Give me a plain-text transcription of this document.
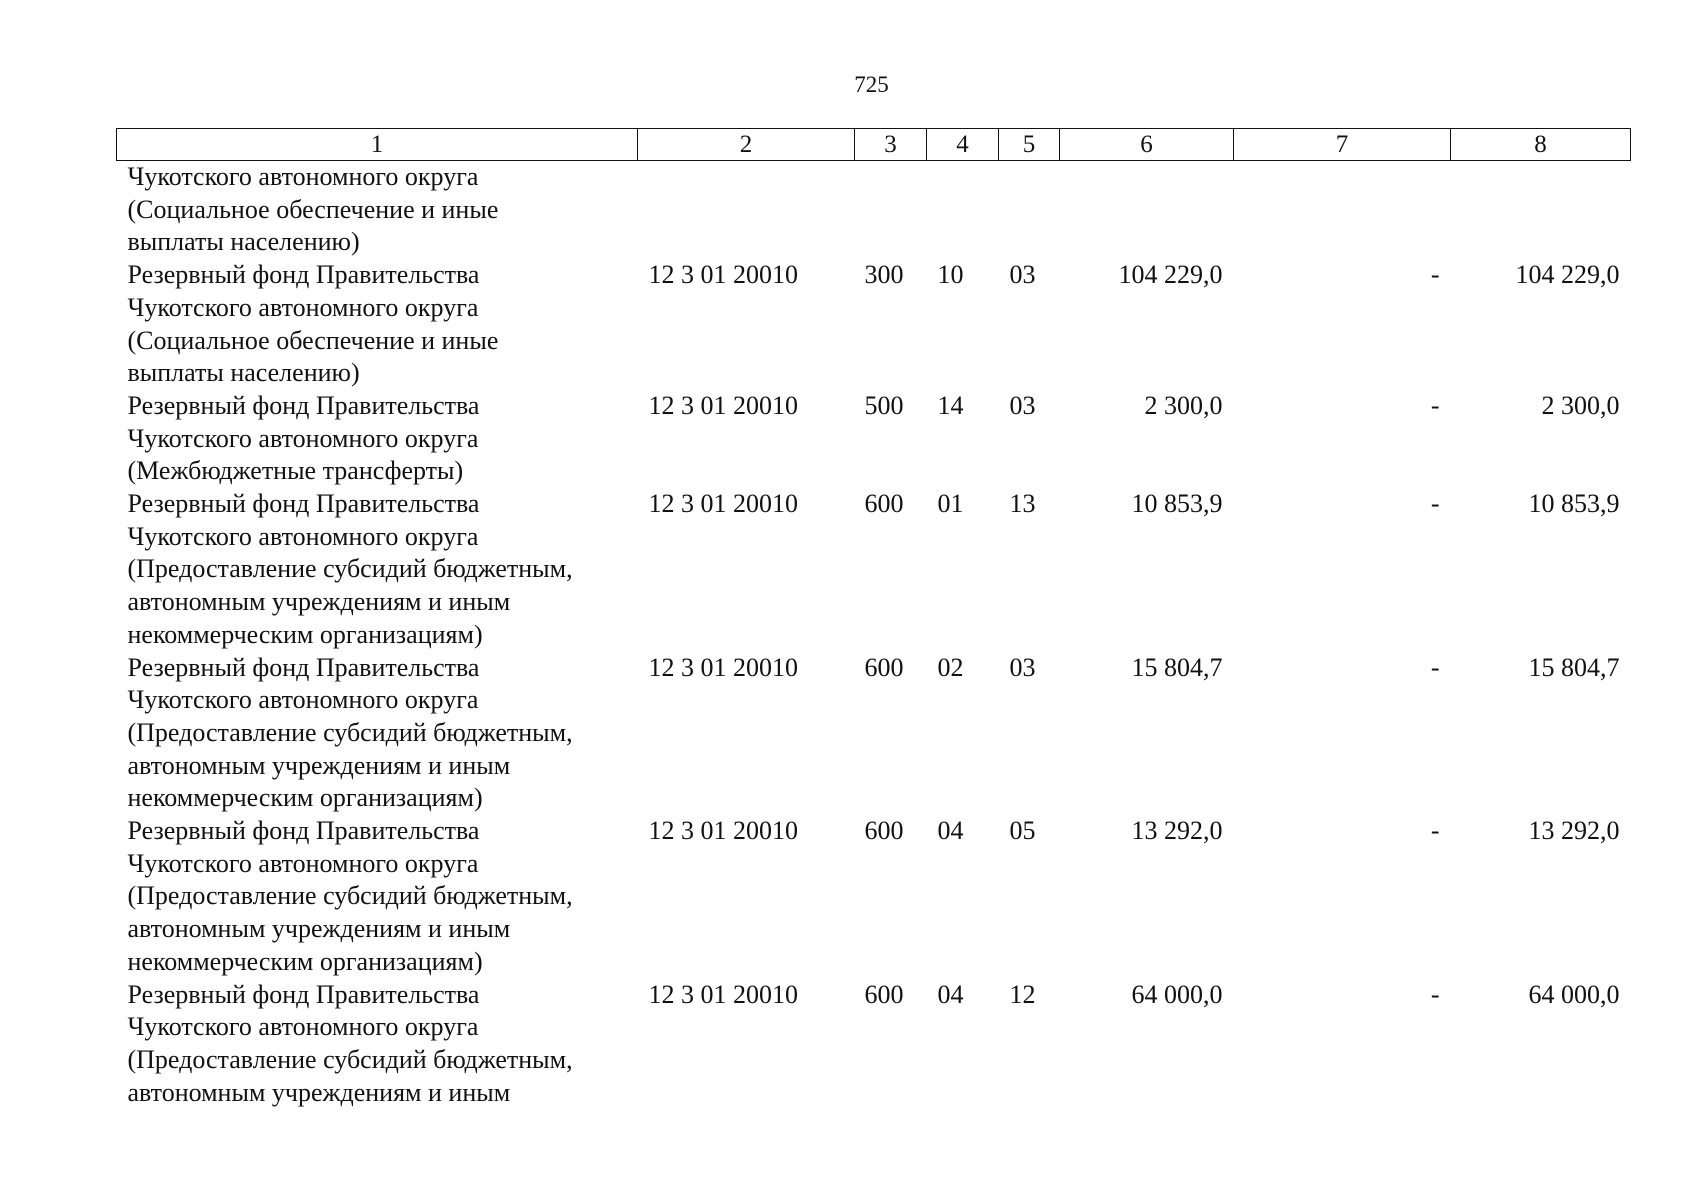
725
1	2	3	4	5	6	7	8

Чукотского автономного округа
(Социальное обеспечение и иные
выплаты населению)							

Резервный фонд Правительства
Чукотского автономного округа
(Социальное обеспечение и иные
выплаты населению)	12 3 01 20010	300	10	03	104 229,0	-	104 229,0

Резервный фонд Правительства
Чукотского автономного округа
(Межбюджетные трансферты)	12 3 01 20010	500	14	03	2 300,0	-	2 300,0

Резервный фонд Правительства
Чукотского автономного округа
(Предоставление субсидий бюджетным,
автономным учреждениям и иным
некоммерческим организациям)	12 3 01 20010	600	01	13	10 853,9	-	10 853,9

Резервный фонд Правительства
Чукотского автономного округа
(Предоставление субсидий бюджетным,
автономным учреждениям и иным
некоммерческим организациям)	12 3 01 20010	600	02	03	15 804,7	-	15 804,7

Резервный фонд Правительства
Чукотского автономного округа
(Предоставление субсидий бюджетным,
автономным учреждениям и иным
некоммерческим организациям)	12 3 01 20010	600	04	05	13 292,0	-	13 292,0

Резервный фонд Правительства
Чукотского автономного округа
(Предоставление субсидий бюджетным,
автономным учреждениям и иным	12 3 01 20010	600	04	12	64 000,0	-	64 000,0
